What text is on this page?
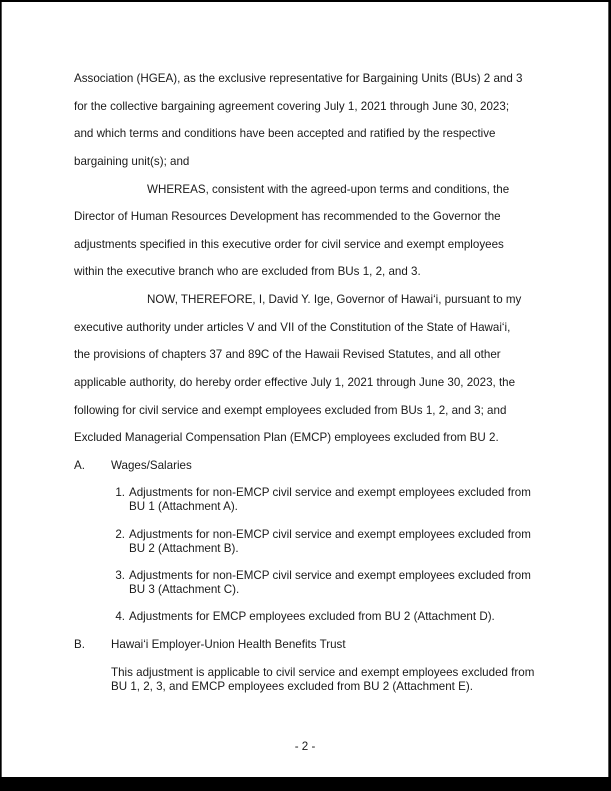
Association (HGEA), as the exclusive representative for Bargaining Units (BUs) 2 and 3
for the collective bargaining agreement covering July 1, 2021 through June 30, 2023;
and which terms and conditions have been accepted and ratified by the respective
bargaining unit(s); and
WHEREAS, consistent with the agreed-upon terms and conditions, the
Director of Human Resources Development has recommended to the Governor the
adjustments specified in this executive order for civil service and exempt employees
within the executive branch who are excluded from BUs 1, 2, and 3.
NOW, THEREFORE, I, David Y. Ige, Governor of Hawai‘i, pursuant to my
executive authority under articles V and VII of the Constitution of the State of Hawai‘i,
the provisions of chapters 37 and 89C of the Hawaii Revised Statutes, and all other
applicable authority, do hereby order effective July 1, 2021 through June 30, 2023, the
following for civil service and exempt employees excluded from BUs 1, 2, and 3; and
Excluded Managerial Compensation Plan (EMCP) employees excluded from BU 2.
A. Wages/Salaries
1. Adjustments for non-EMCP civil service and exempt employees excluded from BU 1 (Attachment A).
2. Adjustments for non-EMCP civil service and exempt employees excluded from BU 2 (Attachment B).
3. Adjustments for non-EMCP civil service and exempt employees excluded from BU 3 (Attachment C).
4. Adjustments for EMCP employees excluded from BU 2 (Attachment D).
B. Hawai‘i Employer-Union Health Benefits Trust
This adjustment is applicable to civil service and exempt employees excluded from BU 1, 2, 3, and EMCP employees excluded from BU 2 (Attachment E).
- 2 -
